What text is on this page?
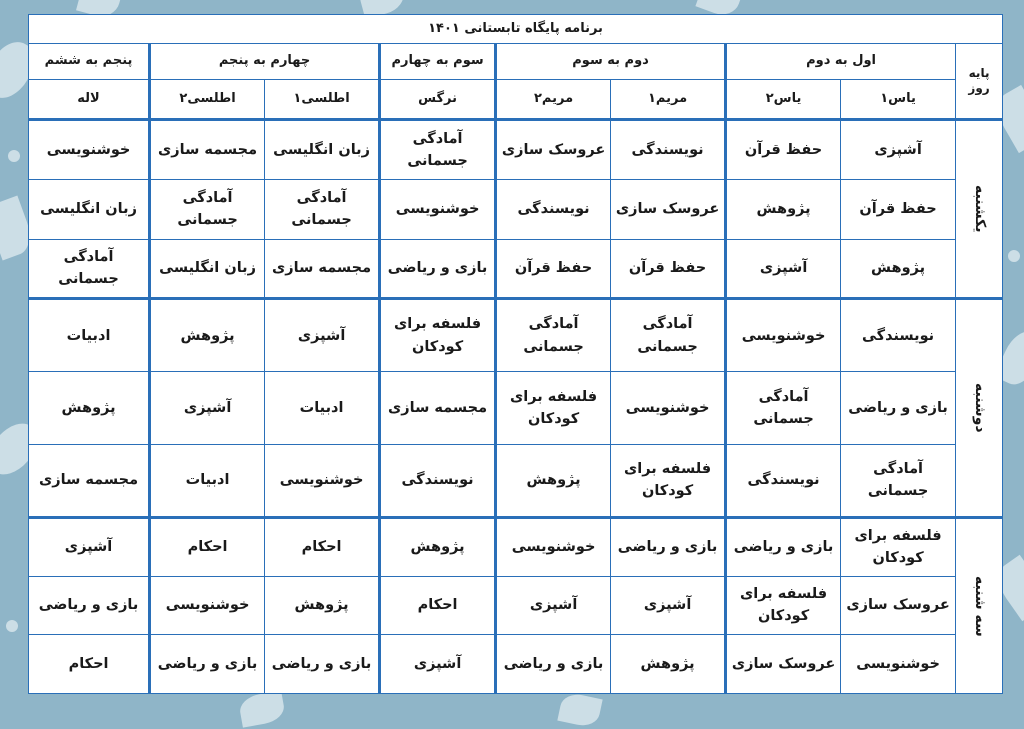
برنامه پایگاه تابستانی ۱۴۰۱								

پایه
روز	اول به دوم		دوم به سوم		سوم به چهارم	چهارم به پنجم		پنجم به ششم
	یاس۱	یاس۲	مریم۱	مریم۲	نرگس	اطلسی۱	اطلسی۲	لاله

یکشنبه	آشپزی	حفظ قرآن	نویسندگی	عروسک سازی	آمادگی جسمانی	زبان انگلیسی	مجسمه سازی	خوشنویسی
	حفظ قرآن	پژوهش	عروسک سازی	نویسندگی	خوشنویسی	آمادگی جسمانی	آمادگی جسمانی	زبان انگلیسی
	پژوهش	آشپزی	حفظ قرآن	حفظ قرآن	بازی و ریاضی	مجسمه سازی	زبان انگلیسی	آمادگی جسمانی

دوشنبه	نویسندگی	خوشنویسی	آمادگی جسمانی	آمادگی جسمانی	فلسفه برای کودکان	آشپزی	پژوهش	ادبیات
	بازی و ریاضی	آمادگی جسمانی	خوشنویسی	فلسفه برای کودکان	مجسمه سازی	ادبیات	آشپزی	پژوهش
	آمادگی جسمانی	نویسندگی	فلسفه برای کودکان	پژوهش	نویسندگی	خوشنویسی	ادبیات	مجسمه سازی

سه شنبه	فلسفه برای کودکان	بازی و ریاضی	بازی و ریاضی	خوشنویسی	پژوهش	احکام	احکام	آشپزی
	عروسک سازی	فلسفه برای کودکان	آشپزی	آشپزی	احکام	پژوهش	خوشنویسی	بازی و ریاضی
	خوشنویسی	عروسک سازی	پژوهش	بازی و ریاضی	آشپزی	بازی و ریاضی	بازی و ریاضی	احکام
